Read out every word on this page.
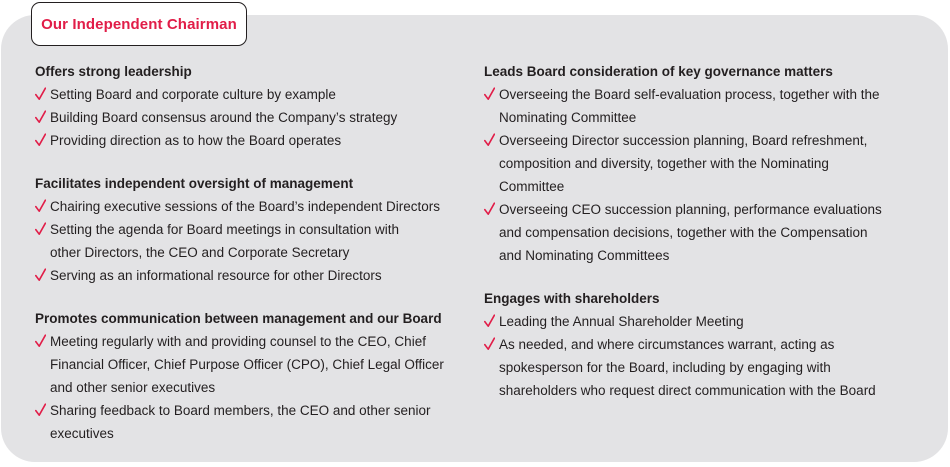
Our Independent Chairman
Offers strong leadership
Setting Board and corporate culture by example
Building Board consensus around the Company’s strategy
Providing direction as to how the Board operates
Facilitates independent oversight of management
Chairing executive sessions of the Board’s independent Directors
Setting the agenda for Board meetings in consultation with
other Directors, the CEO and Corporate Secretary
Serving as an informational resource for other Directors
Promotes communication between management and our Board
Meeting regularly with and providing counsel to the CEO, Chief
Financial Officer, Chief Purpose Officer (CPO), Chief Legal Officer
and other senior executives
Sharing feedback to Board members, the CEO and other senior
executives
Leads Board consideration of key governance matters
Overseeing the Board self-evaluation process, together with the
Nominating Committee
Overseeing Director succession planning, Board refreshment,
composition and diversity, together with the Nominating
Committee
Overseeing CEO succession planning, performance evaluations
and compensation decisions, together with the Compensation
and Nominating Committees
Engages with shareholders
Leading the Annual Shareholder Meeting
As needed, and where circumstances warrant, acting as
spokesperson for the Board, including by engaging with
shareholders who request direct communication with the Board
